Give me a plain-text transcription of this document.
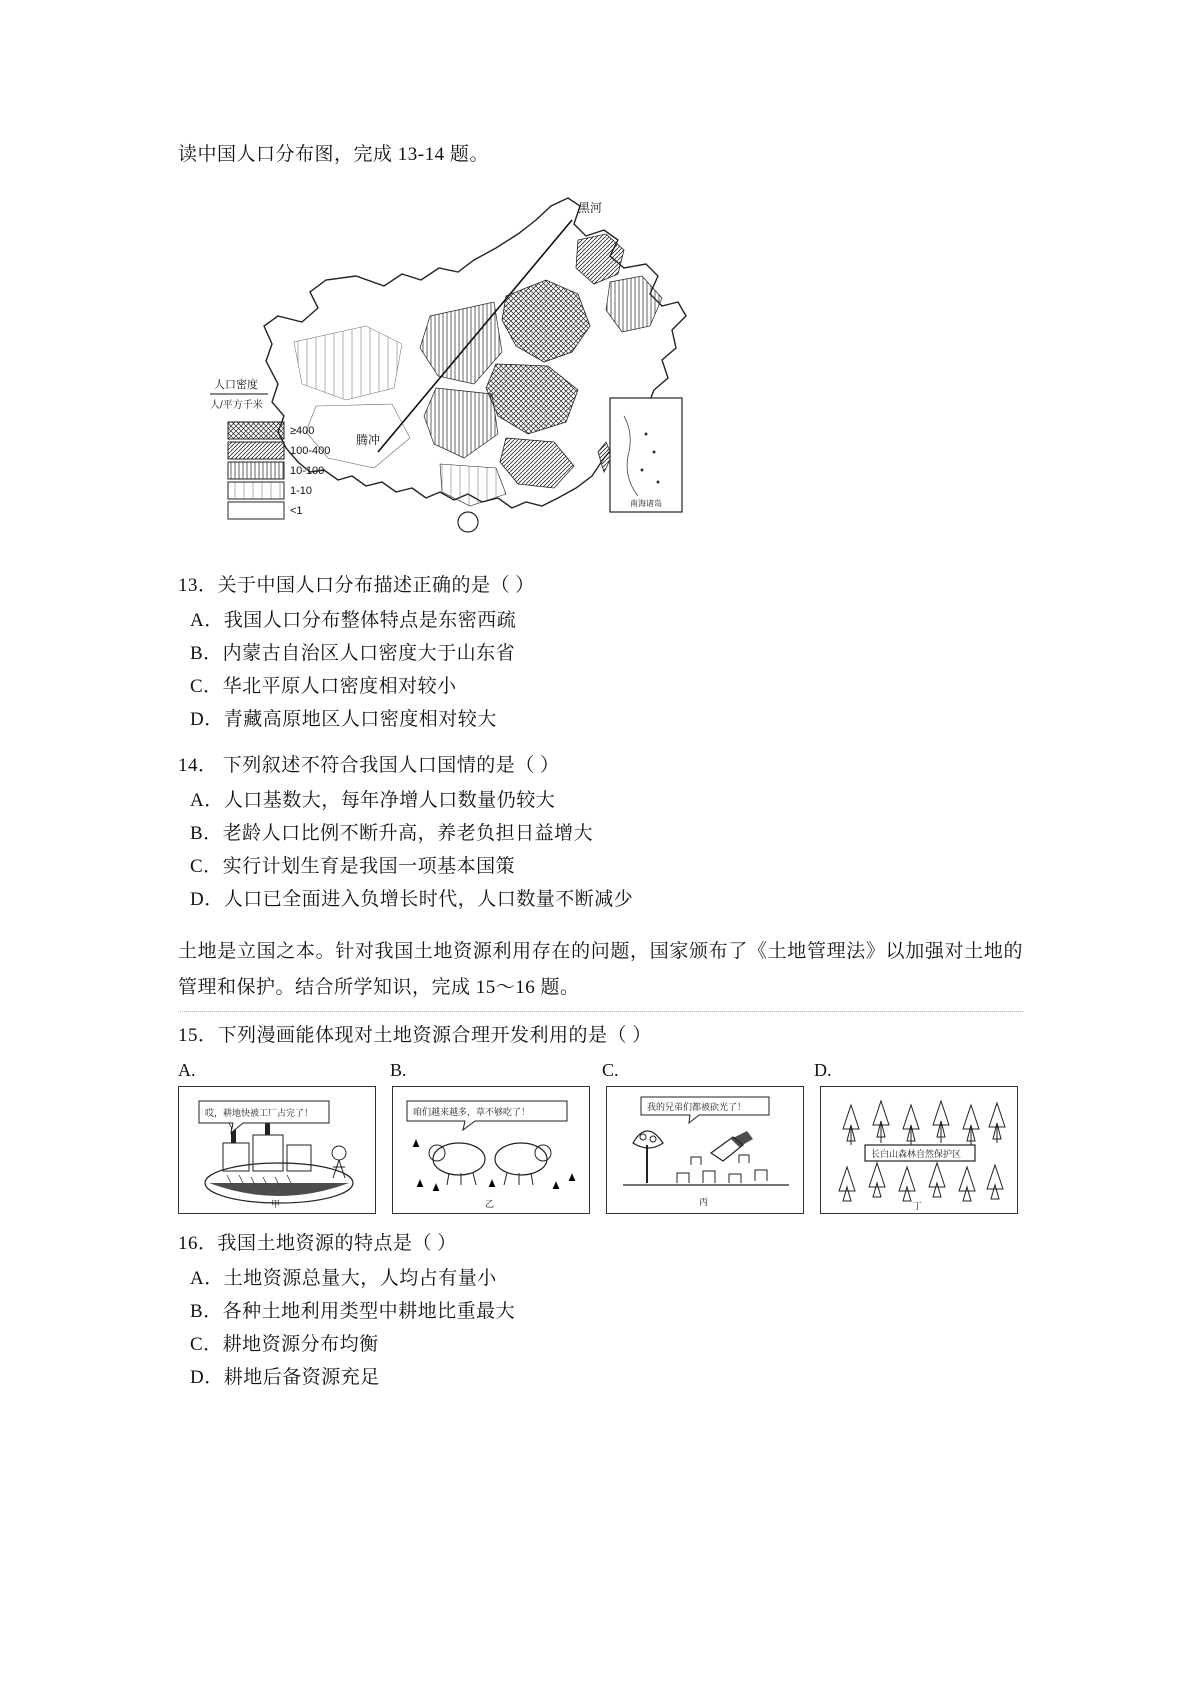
读中国人口分布图，完成 13-14 题。

黑河
腾冲
南海诸岛
人口密度
人/平方千米
≥400
100-400
10-100
1-10
<1

13．关于中国人口分布描述正确的是（ ）

A．我国人口分布整体特点是东密西疏

B．内蒙古自治区人口密度大于山东省

C．华北平原人口密度相对较小

D．青藏高原地区人口密度相对较大

14． 下列叙述不符合我国人口国情的是（ ）

A．人口基数大，每年净增人口数量仍较大

B．老龄人口比例不断升高，养老负担日益增大

C．实行计划生育是我国一项基本国策

D．人口已全面进入负增长时代，人口数量不断减少

土地是立国之本。针对我国土地资源利用存在的问题，国家颁布了《土地管理法》以加强对土地的管理和保护。结合所学知识，完成 15～16 题。

15．下列漫画能体现对土地资源合理开发利用的是（ ）

A.	B.	C.	D.
哎，耕地快被工厂占完了！
甲
咱们越来越多，草不够吃了！
乙
我的兄弟们都被砍光了！
丙
长白山森林自然保护区
丁

16．我国土地资源的特点是（ ）

A．土地资源总量大，人均占有量小

B．各种土地利用类型中耕地比重最大

C．耕地资源分布均衡

D．耕地后备资源充足
